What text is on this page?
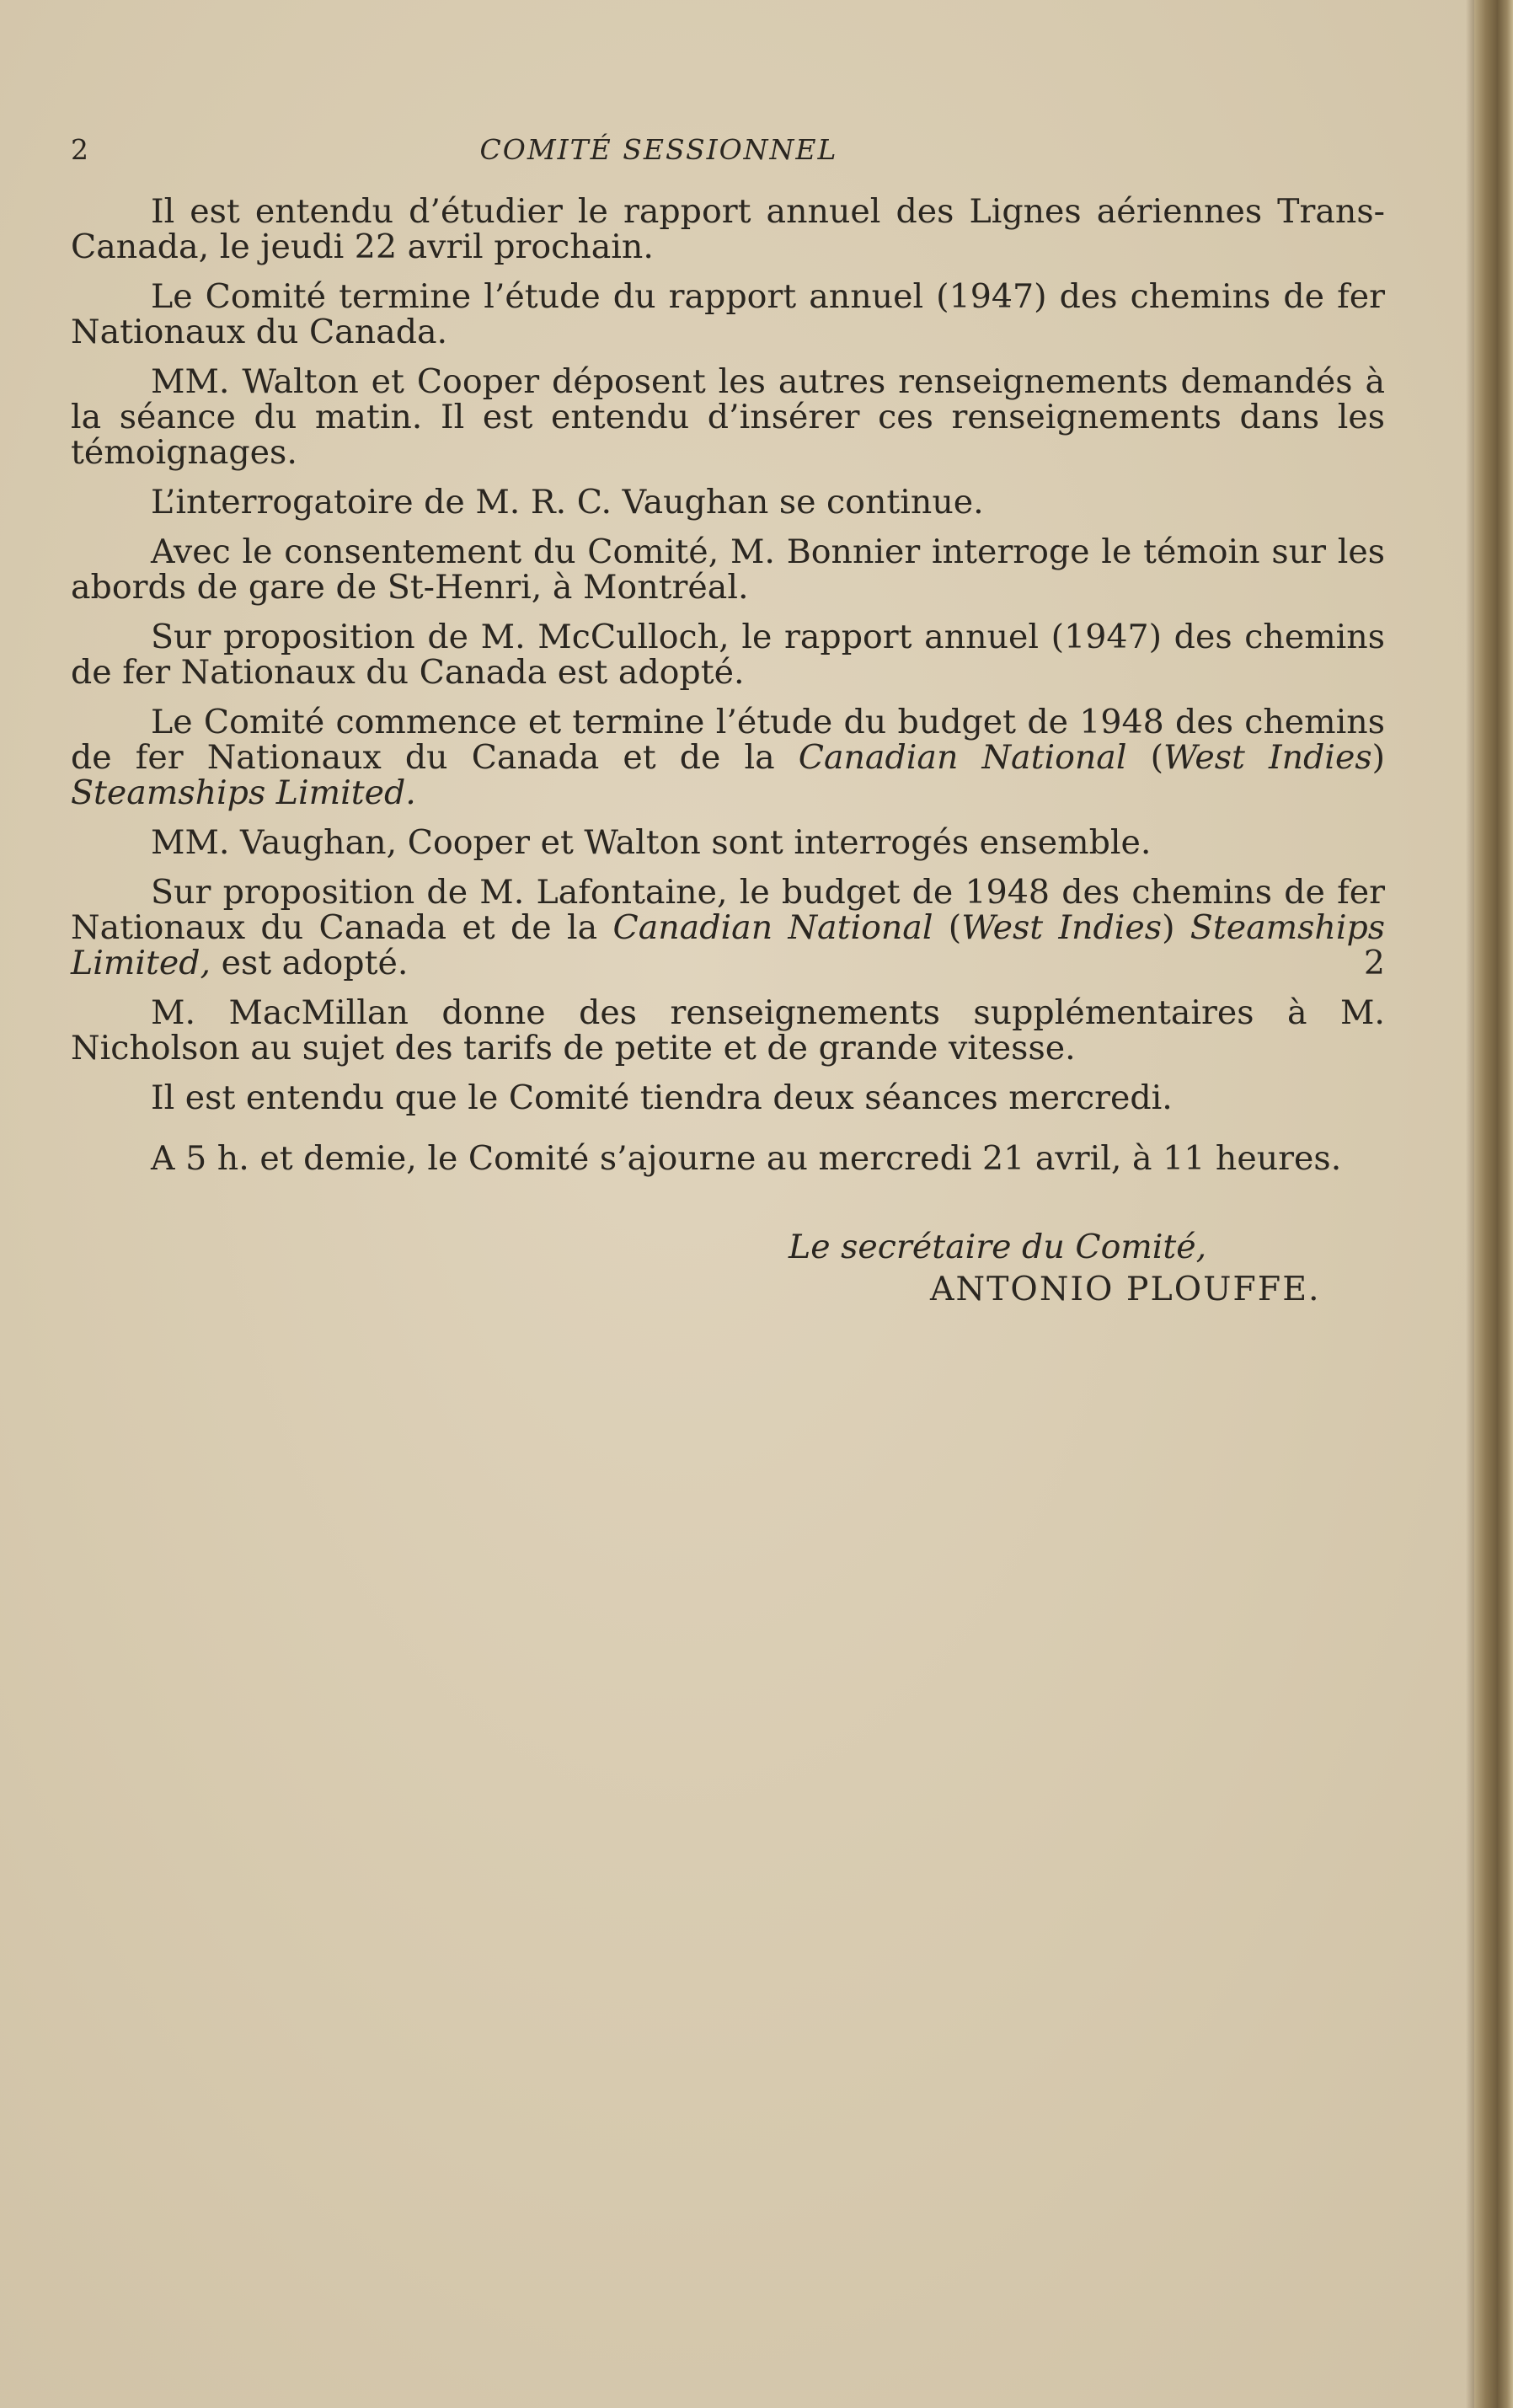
2	COMITÉ SESSIONNEL

Il est entendu d’étudier le rapport annuel des Lignes aériennes Trans-Canada, le jeudi 22 avril prochain.

Le Comité termine l’étude du rapport annuel (1947) des chemins de fer Nationaux du Canada.

MM. Walton et Cooper déposent les autres renseignements demandés à la séance du matin. Il est entendu d’insérer ces renseignements dans les témoignages.

L’interrogatoire de M. R. C. Vaughan se continue.

Avec le consentement du Comité, M. Bonnier interroge le témoin sur les abords de gare de St-Henri, à Montréal.

Sur proposition de M. McCulloch, le rapport annuel (1947) des chemins de fer Nationaux du Canada est adopté.

Le Comité commence et termine l’étude du budget de 1948 des chemins de fer Nationaux du Canada et de la Canadian National (West Indies) Steamships Limited.

MM. Vaughan, Cooper et Walton sont interrogés ensemble.

Sur proposition de M. Lafontaine, le budget de 1948 des chemins de fer Nationaux du Canada et de la Canadian National (West Indies) Steamships Limited, est adopté.	2

M. MacMillan donne des renseignements supplémentaires à M. Nicholson au sujet des tarifs de petite et de grande vitesse.

Il est entendu que le Comité tiendra deux séances mercredi.

A 5 h. et demie, le Comité s’ajourne au mercredi 21 avril, à 11 heures.

Le secrétaire du Comité,
ANTONIO PLOUFFE.
